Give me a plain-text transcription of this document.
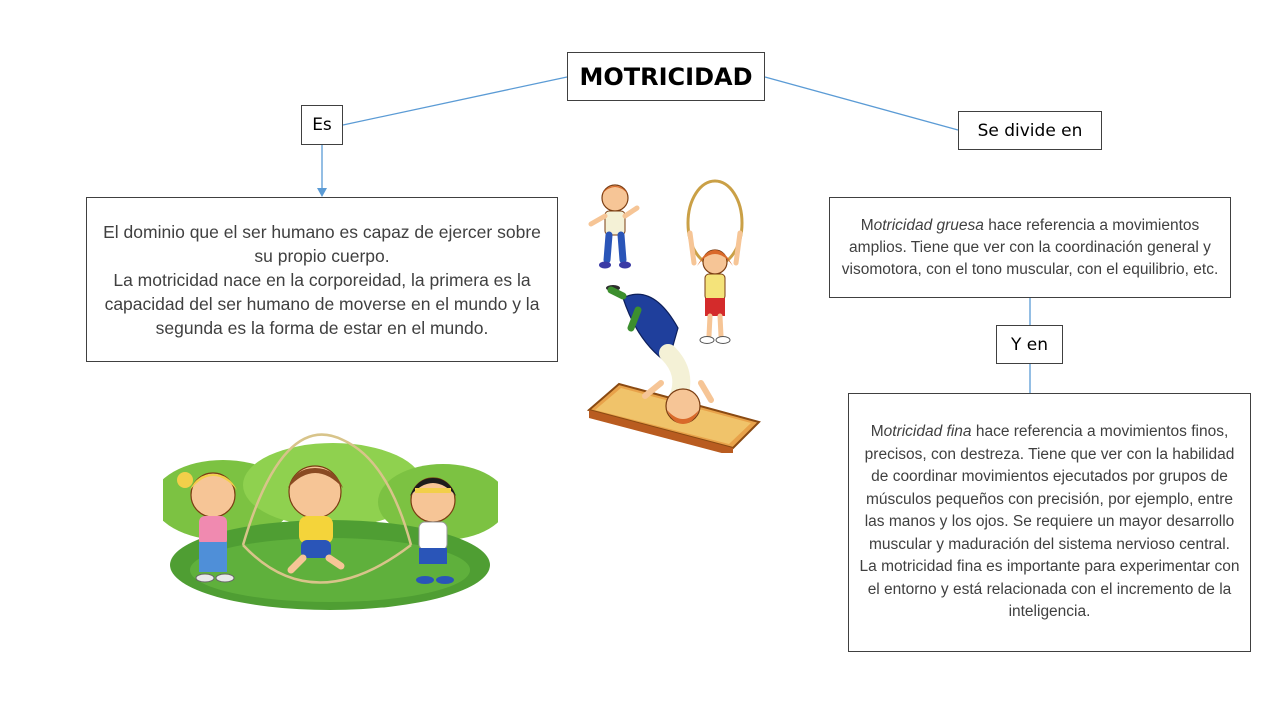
MOTRICIDAD
Es	Se divide en
Y en
El dominio que el ser humano es capaz de ejercer sobre su propio cuerpo.
La motricidad nace en la corporeidad, la primera es la capacidad del ser humano de moverse en el mundo y la segunda es la forma de estar en el mundo.
Motricidad gruesa hace referencia a movimientos amplios. Tiene que ver con la coordinación general y visomotora, con el tono muscular, con el equilibrio, etc.
Motricidad fina hace referencia a movimientos finos, precisos, con destreza. Tiene que ver con la habilidad de coordinar movimientos ejecutados por grupos de músculos pequeños con precisión, por ejemplo, entre las manos y los ojos. Se requiere un mayor desarrollo muscular y maduración del sistema nervioso central. La motricidad fina es importante para experimentar con el entorno y está relacionada con el incremento de la inteligencia.
